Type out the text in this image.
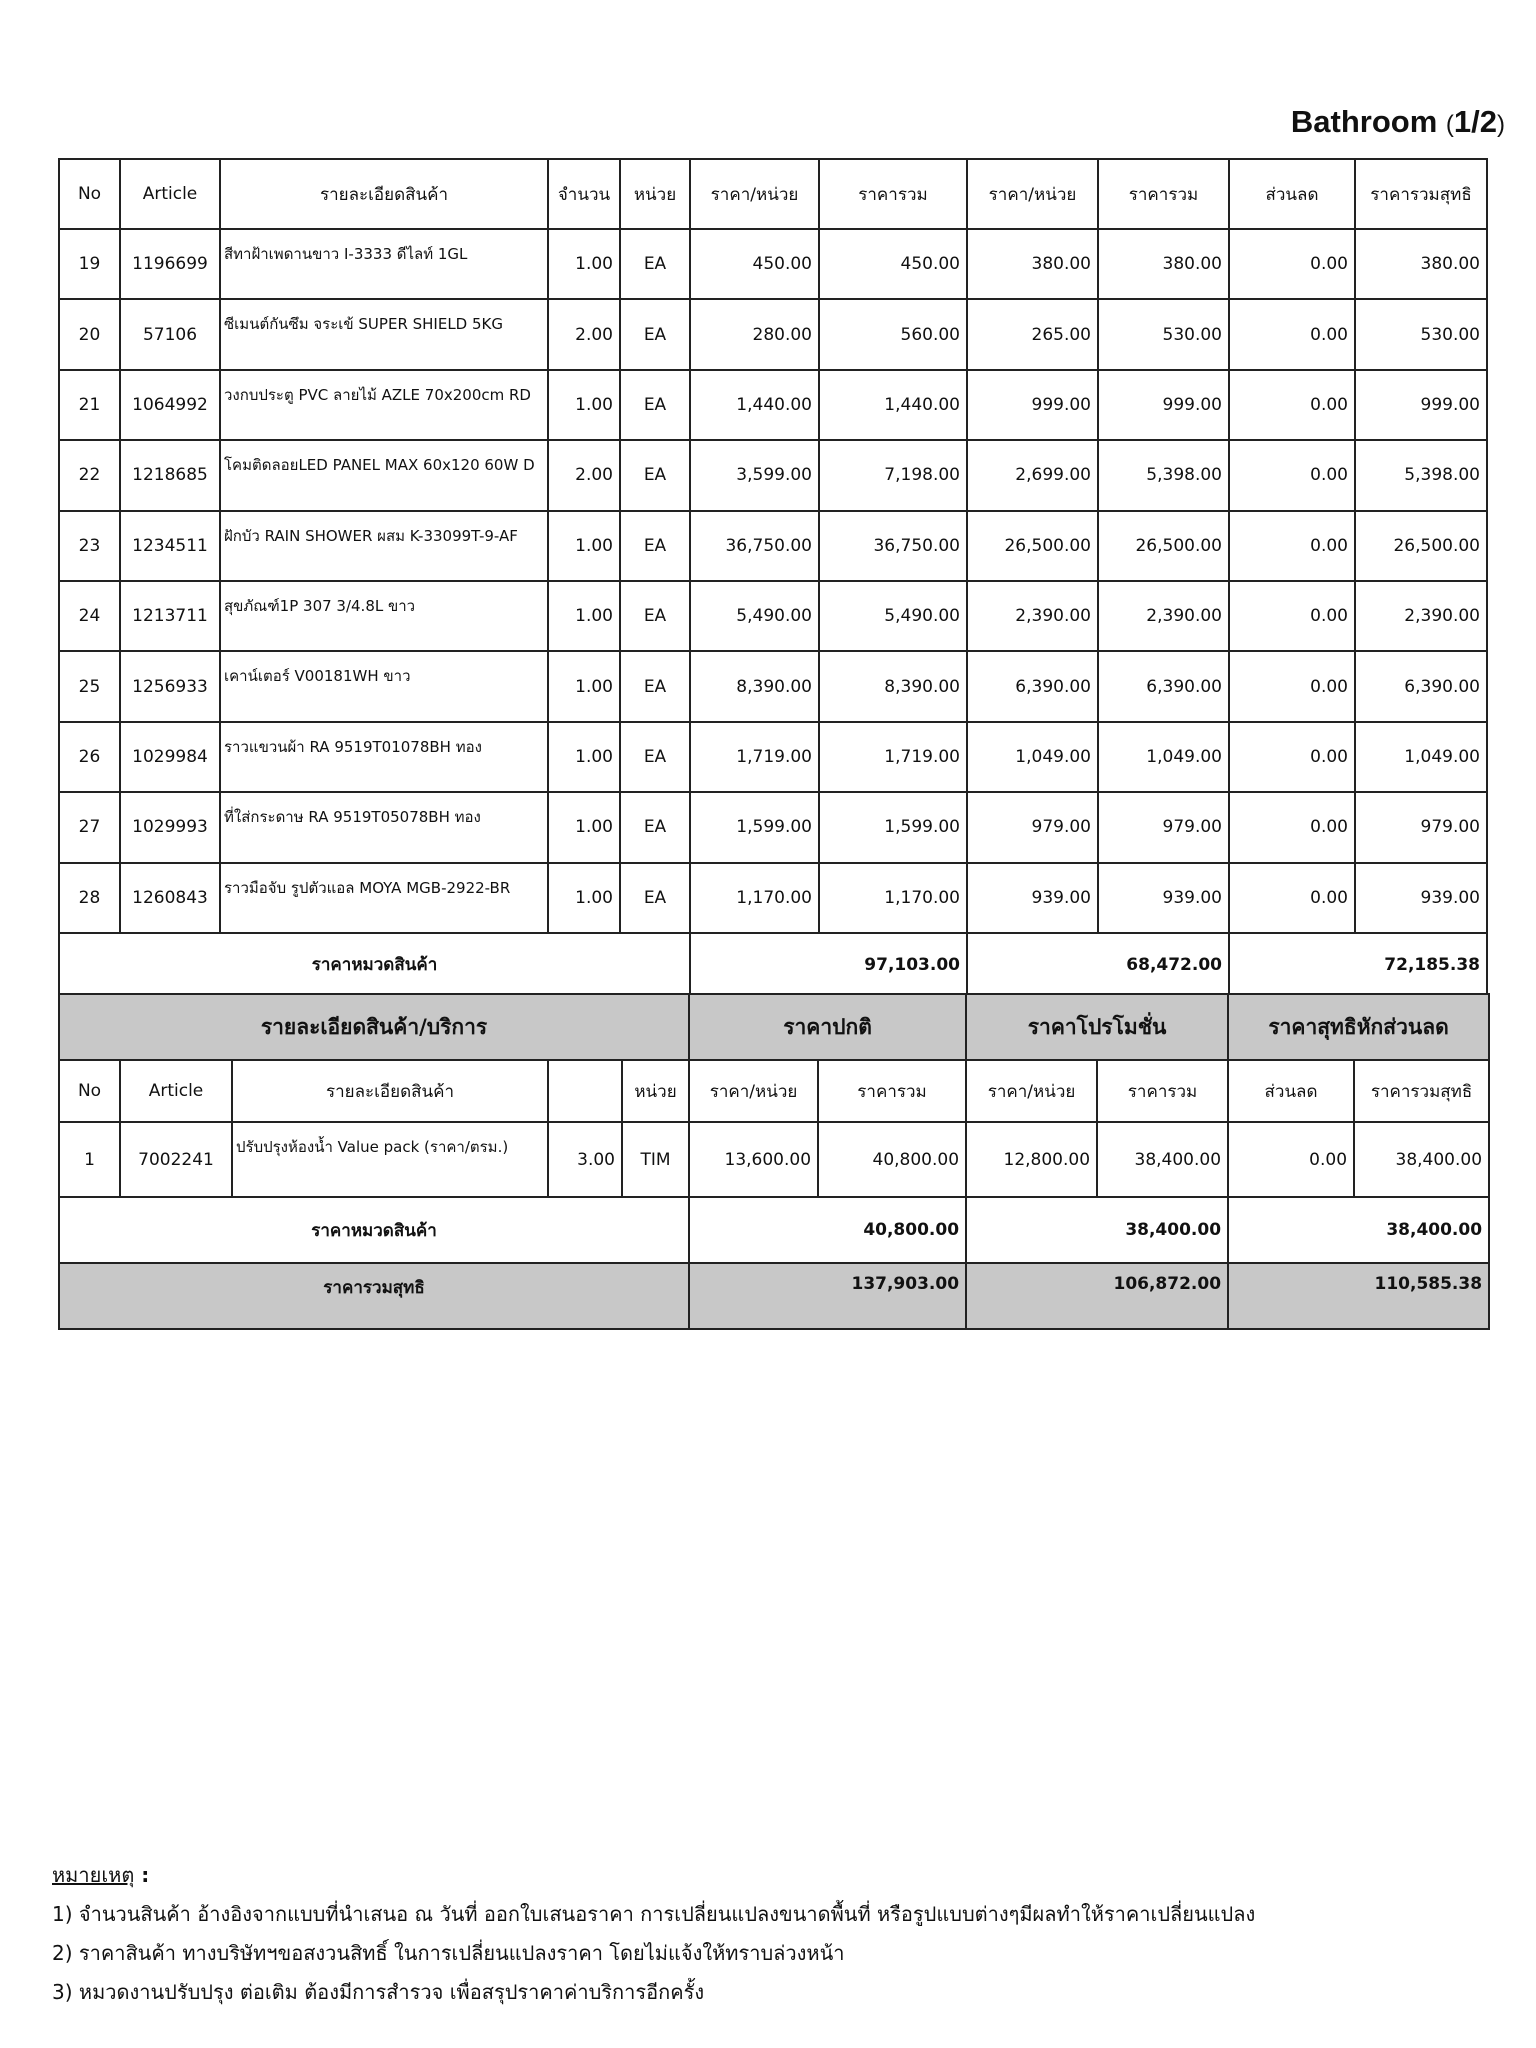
Bathroom (1/2)
No	Article	รายละเอียดสินค้า	จำนวน	หน่วย	ราคา/หน่วย	ราคารวม	ราคา/หน่วย	ราคารวม	ส่วนลด	ราคารวมสุทธิ
19	1196699	สีทาฝ้าเพดานขาว I-3333 ดีไลท์ 1GL	1.00	EA	450.00	450.00	380.00	380.00	0.00	380.00
20	57106	ซีเมนต์กันซึม จระเข้ SUPER SHIELD 5KG	2.00	EA	280.00	560.00	265.00	530.00	0.00	530.00
21	1064992	วงกบประตู PVC ลายไม้ AZLE 70x200cm RD	1.00	EA	1,440.00	1,440.00	999.00	999.00	0.00	999.00
22	1218685	โคมติดลอยLED PANEL MAX 60x120 60W D	2.00	EA	3,599.00	7,198.00	2,699.00	5,398.00	0.00	5,398.00
23	1234511	ฝักบัว RAIN SHOWER ผสม K-33099T-9-AF	1.00	EA	36,750.00	36,750.00	26,500.00	26,500.00	0.00	26,500.00
24	1213711	สุขภัณฑ์1P 307 3/4.8L ขาว	1.00	EA	5,490.00	5,490.00	2,390.00	2,390.00	0.00	2,390.00
25	1256933	เคาน์เตอร์ V00181WH ขาว	1.00	EA	8,390.00	8,390.00	6,390.00	6,390.00	0.00	6,390.00
26	1029984	ราวแขวนผ้า RA 9519T01078BH ทอง	1.00	EA	1,719.00	1,719.00	1,049.00	1,049.00	0.00	1,049.00
27	1029993	ที่ใส่กระดาษ RA 9519T05078BH ทอง	1.00	EA	1,599.00	1,599.00	979.00	979.00	0.00	979.00
28	1260843	ราวมือจับ รูปตัวแอล MOYA MGB-2922-BR	1.00	EA	1,170.00	1,170.00	939.00	939.00	0.00	939.00
ราคาหมวดสินค้า					97,103.00		68,472.00		72,185.38	
รายละเอียดสินค้า/บริการ					ราคาปกติ		ราคาโปรโมชั่น		ราคาสุทธิหักส่วนลด	
No	Article	รายละเอียดสินค้า		หน่วย	ราคา/หน่วย	ราคารวม	ราคา/หน่วย	ราคารวม	ส่วนลด	ราคารวมสุทธิ
1	7002241	ปรับปรุงห้องน้ำ Value pack (ราคา/ตรม.)	3.00	TIM	13,600.00	40,800.00	12,800.00	38,400.00	0.00	38,400.00
ราคาหมวดสินค้า					40,800.00		38,400.00		38,400.00	
ราคารวมสุทธิ					137,903.00		106,872.00		110,585.38	
หมายเหตุ :
1) จำนวนสินค้า อ้างอิงจากแบบที่นำเสนอ ณ วันที่ ออกใบเสนอราคา การเปลี่ยนแปลงขนาดพื้นที่ หรือรูปแบบต่างๆมีผลทำให้ราคาเปลี่ยนแปลง
2) ราคาสินค้า ทางบริษัทฯขอสงวนสิทธิ์ ในการเปลี่ยนแปลงราคา โดยไม่แจ้งให้ทราบล่วงหน้า
3) หมวดงานปรับปรุง ต่อเติม ต้องมีการสำรวจ เพื่อสรุปราคาค่าบริการอีกครั้ง
